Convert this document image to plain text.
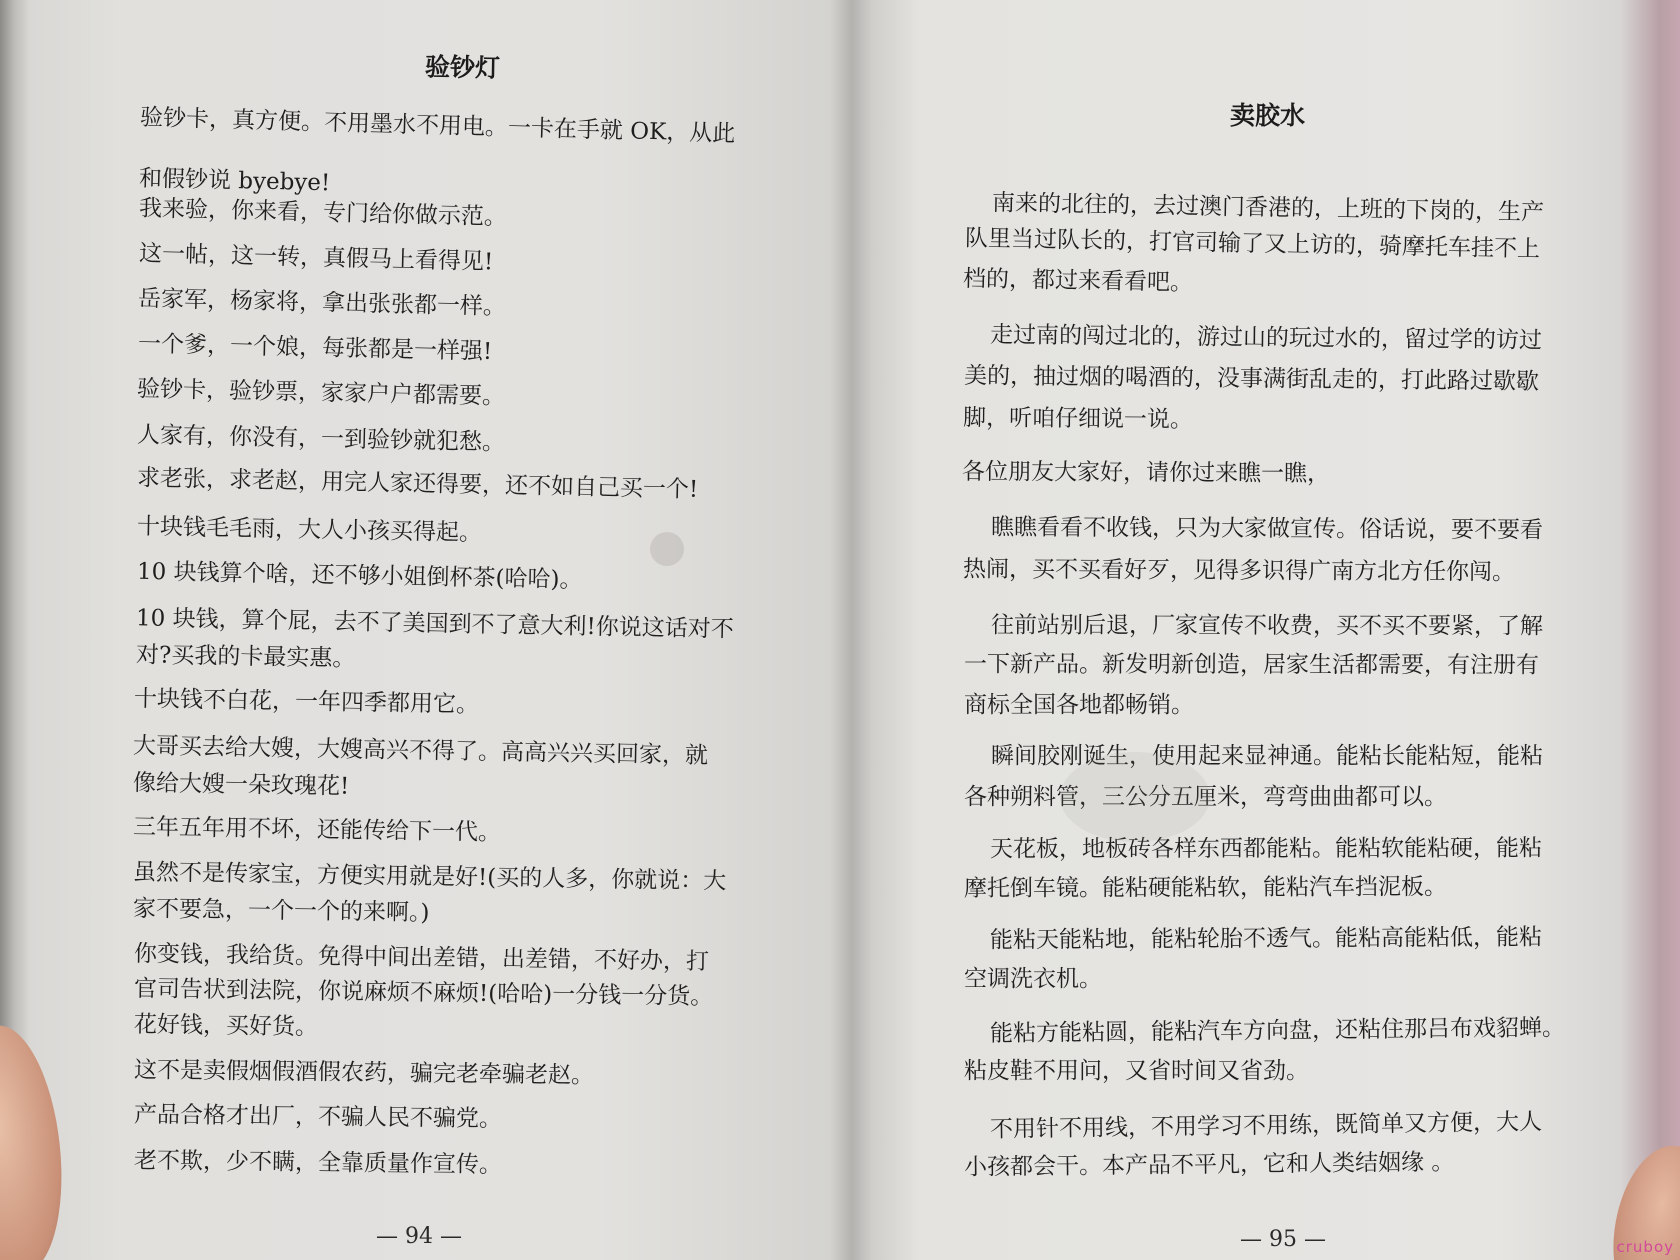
验钞灯
验钞卡，真方便。不用墨水不用电。一卡在手就 OK，从此
和假钞说 byebye!
我来验，你来看，专门给你做示范。
这一帖，这一转，真假马上看得见!
岳家军，杨家将，拿出张张都一样。
一个爹，一个娘，每张都是一样强!
验钞卡，验钞票，家家户户都需要。
人家有，你没有，一到验钞就犯愁。
求老张，求老赵，用完人家还得要，还不如自己买一个!
十块钱毛毛雨，大人小孩买得起。
10 块钱算个啥，还不够小姐倒杯茶(哈哈)。
10 块钱，算个屁，去不了美国到不了意大利!你说这话对不
对?买我的卡最实惠。
十块钱不白花，一年四季都用它。
大哥买去给大嫂，大嫂高兴不得了。高高兴兴买回家，就
像给大嫂一朵玫瑰花!
三年五年用不坏，还能传给下一代。
虽然不是传家宝，方便实用就是好!(买的人多，你就说：大
家不要急，一个一个的来啊。)
你变钱，我给货。免得中间出差错，出差错，不好办，打
官司告状到法院，你说麻烦不麻烦!(哈哈)一分钱一分货。
花好钱，买好货。
这不是卖假烟假酒假农药，骗完老牵骗老赵。
产品合格才出厂，不骗人民不骗党。
老不欺，少不瞒，全靠质量作宣传。
— 94 —
卖胶水
南来的北往的，去过澳门香港的，上班的下岗的，生产
队里当过队长的，打官司输了又上访的，骑摩托车挂不上
档的，都过来看看吧。
走过南的闯过北的，游过山的玩过水的，留过学的访过
美的，抽过烟的喝酒的，没事满街乱走的，打此路过歇歇
脚，听咱仔细说一说。
各位朋友大家好，请你过来瞧一瞧，
瞧瞧看看不收钱，只为大家做宣传。俗话说，要不要看
热闹，买不买看好歹，见得多识得广南方北方任你闯。
往前站别后退，厂家宣传不收费，买不买不要紧，了解
一下新产品。新发明新创造，居家生活都需要，有注册有
商标全国各地都畅销。
瞬间胶刚诞生，使用起来显神通。能粘长能粘短，能粘
各种朔料管，三公分五厘米，弯弯曲曲都可以。
天花板，地板砖各样东西都能粘。能粘软能粘硬，能粘
摩托倒车镜。能粘硬能粘软，能粘汽车挡泥板。
能粘天能粘地，能粘轮胎不透气。能粘高能粘低，能粘
空调洗衣机。
能粘方能粘圆，能粘汽车方向盘，还粘住那吕布戏貂蝉。
粘皮鞋不用问，又省时间又省劲。
不用针不用线，不用学习不用练，既简单又方便，大人
小孩都会干。本产品不平凡，它和人类结姻缘 。
— 95 —	cruboy
